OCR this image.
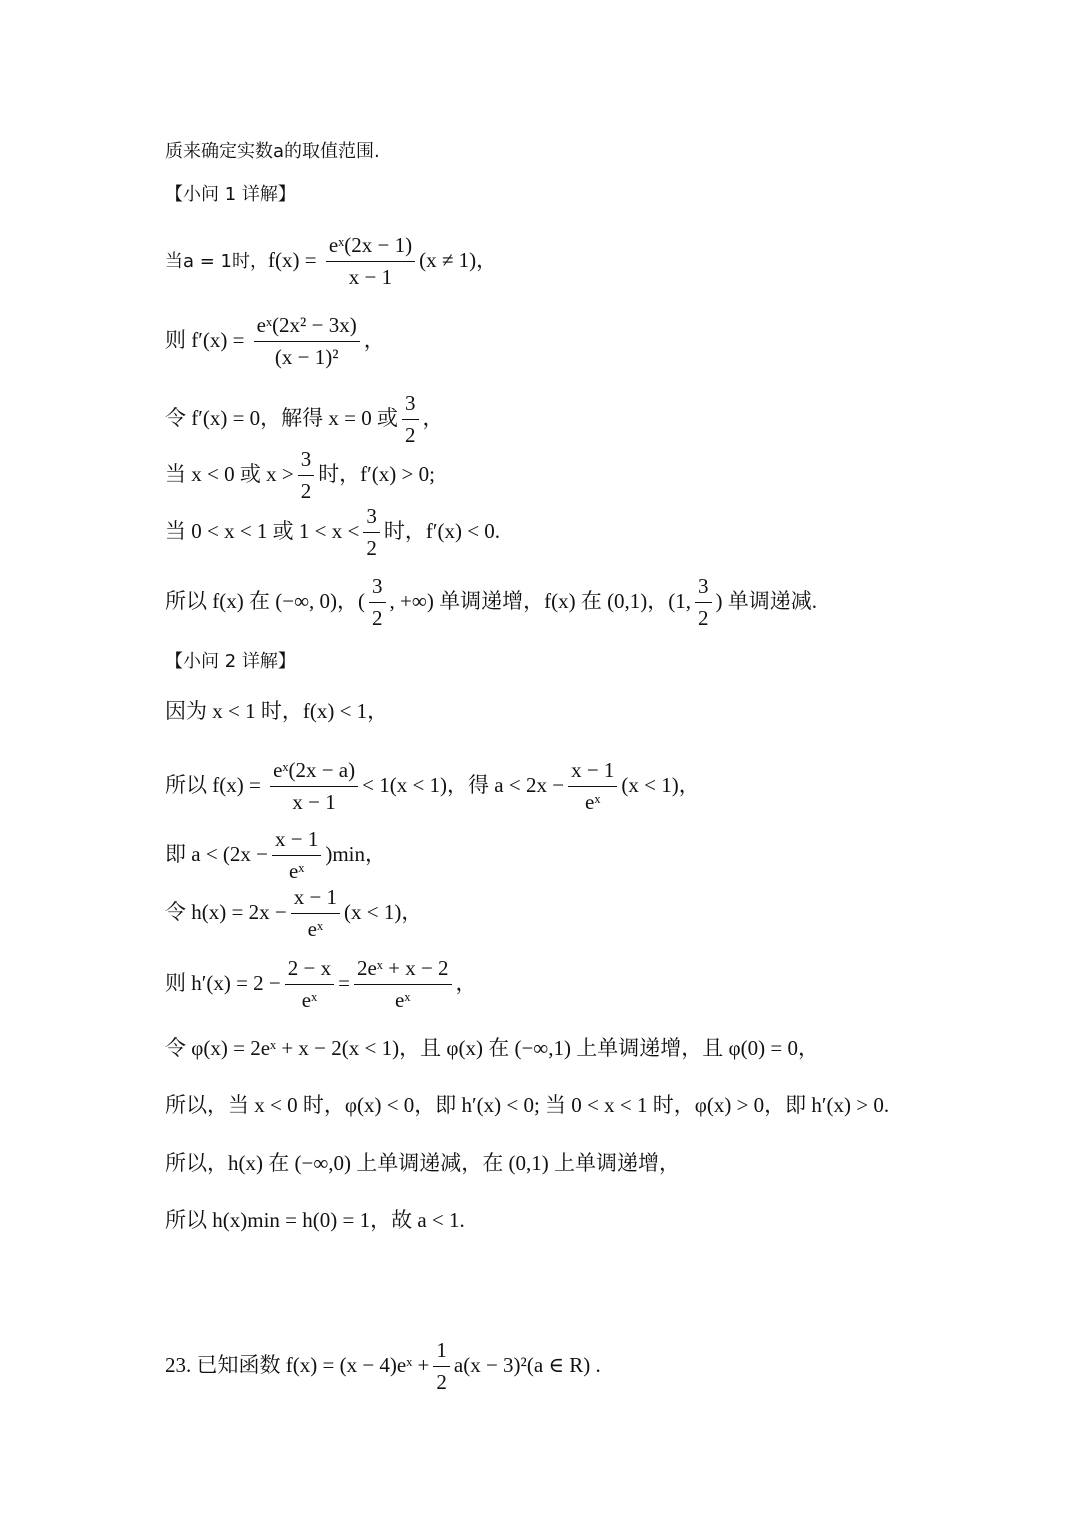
质来确定实数a的取值范围.
【小问 1 详解】
当a = 1时，$f(x) = \frac{\text{eˣ(2x − 1)}}{x - 1} (x \ne 1)$，
则 $f'(x) = \frac{\text{eˣ(2x² − 3x)}}{\text{(x − 1)²}}$ ，
令 f′(x) = 0，解得 x = 0 或 $\frac{3}{2}$ ，
当 x < 0 或 $x > \frac{3}{2}$ 时，f′(x) > 0;
当 0 < x < 1 或 $1 < x < \frac{3}{2}$ 时，f′(x) < 0.
所以 f(x) 在 (−∞, 0)，( $\frac{3}{2}$ , +∞) 单调递增，f(x) 在 (0,1)，(1, $\frac{3}{2}$ ) 单调递减.
【小问 2 详解】
因为 x < 1 时，f(x) < 1，
所以 $f(x) = \frac{\text{eˣ(2x − a)}}{x - 1} < 1(x < 1)$，得 $a < 2x - \frac{x - 1}{\text{eˣ}} (x < 1)$，
即 $a < (2x - \frac{x - 1}{\text{eˣ}} )\min$，
令 $h(x) = 2x - \frac{x - 1}{\text{eˣ}} (x < 1)$，
则 $h'(x) = 2 - \frac{2 - x}{\text{eˣ}} = \frac{\text{2eˣ + x − 2}}{\text{eˣ}}$ ，
令 φ(x) = 2eˣ + x − 2(x < 1)，且 φ(x) 在 (−∞,1) 上单调递增，且 φ(0) = 0，
所以，当 x < 0 时，φ(x) < 0，即 h′(x) < 0; 当 0 < x < 1 时，φ(x) > 0，即 h′(x) > 0.
所以，h(x) 在 (−∞,0) 上单调递减，在 (0,1) 上单调递增，
所以 h(x)min = h(0) = 1，故 a < 1.
23. 已知函数 f(x) = (x − 4)eˣ + $\frac{1}{2} a(x - 3)^2(a$ ∈ R) .
